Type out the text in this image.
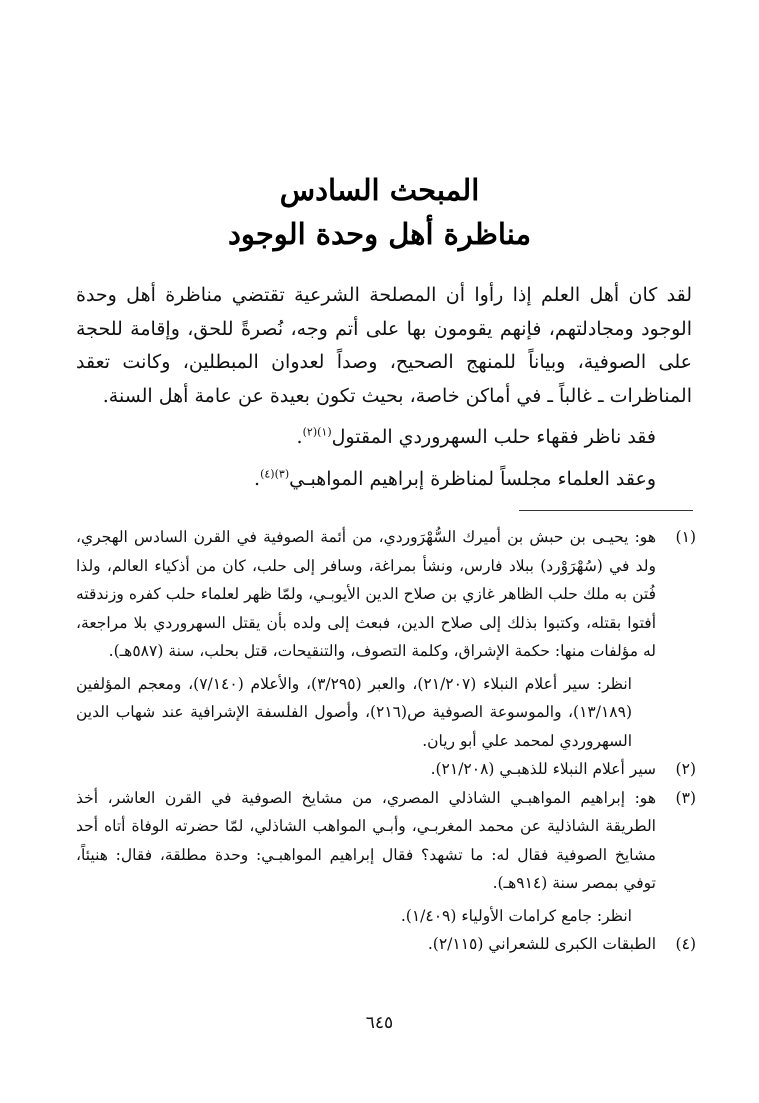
المبحث السادس
مناظرة أهل وحدة الوجود

لقد كان أهل العلم إذا رأوا أن المصلحة الشرعية تقتضي مناظرة أهل وحدة الوجود ومجادلتهم، فإنهم يقومون بها على أتم وجه، نُصرةً للحق، وإقامة للحجة على الصوفية، وبياناً للمنهج الصحيح، وصداً لعدوان المبطلين، وكانت تعقد المناظرات ـ غالباً ـ في أماكن خاصة، بحيث تكون بعيدة عن عامة أهل السنة.

فقد ناظر فقهاء حلب السهروردي المقتول$^{(١)(٢)}$.

وعقد العلماء مجلساً لمناظرة إبراهيم المواهبـي$^{(٣)(٤)}$.

(١)

هو: يحيـى بن حبش بن أميرك السُّهْرَوردي، من أئمة الصوفية في القرن السادس الهجري، ولد في (سُهْرَوْرد) ببلاد فارس، ونشأ بمراغة، وسافر إلى حلب، كان من أذكياء العالم، ولذا فُتن به ملك حلب الظاهر غازي بن صلاح الدين الأيوبـي، ولمّا ظهر لعلماء حلب كفره وزندقته أفتوا بقتله، وكتبوا بذلك إلى صلاح الدين، فبعث إلى ولده بأن يقتل السهروردي بلا مراجعة، له مؤلفات منها: حكمة الإشراق، وكلمة التصوف، والتنقيحات، قتل بحلب، سنة (٥٨٧هـ).

انظر: سير أعلام النبلاء (٢١/٢٠٧)، والعبر (٣/٢٩٥)، والأعلام (٧/١٤٠)، ومعجم المؤلفين (١٣/١٨٩)، والموسوعة الصوفية ص(٢١٦)، وأصول الفلسفة الإشرافية عند شهاب الدين السهروردي لمحمد علي أبو ريان.

(٢)

سير أعلام النبلاء للذهبـي (٢١/٢٠٨).

(٣)

هو: إبراهيم المواهبـي الشاذلي المصري، من مشايخ الصوفية في القرن العاشر، أخذ الطريقة الشاذلية عن محمد المغربـي، وأبـي المواهب الشاذلي، لمّا حضرته الوفاة أتاه أحد مشايخ الصوفية فقال له: ما تشهد؟ فقال إبراهيم المواهبـي: وحدة مطلقة، فقال: هنيئاً، توفي بمصر سنة (٩١٤هـ).

انظر: جامع كرامات الأولياء (١/٤٠٩).

(٤)

الطبقات الكبرى للشعراني (٢/١١٥).

٦٤٥
